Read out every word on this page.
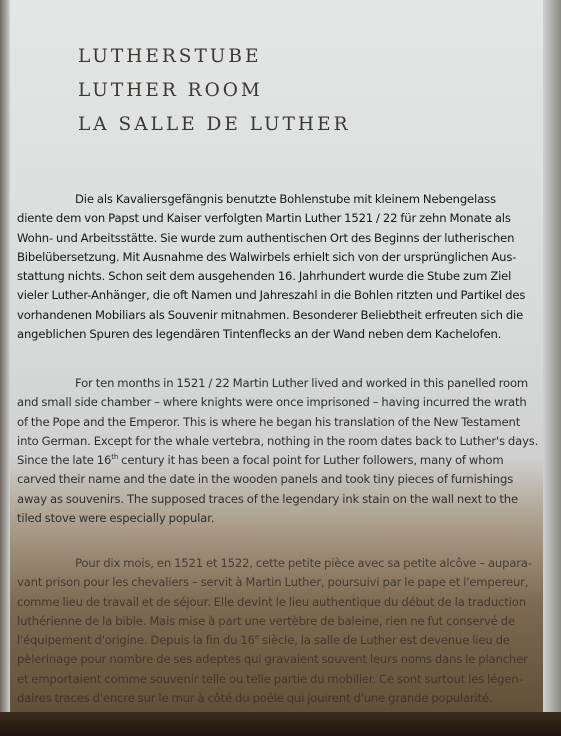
LUTHERSTUBE
LUTHER ROOM
LA SALLE DE LUTHER
Die als Kavaliersgefängnis benutzte Bohlenstube mit kleinem Nebengelass
diente dem von Papst und Kaiser verfolgten Martin Luther 1521 / 22 für zehn Monate als
Wohn- und Arbeitsstätte. Sie wurde zum authentischen Ort des Beginns der lutherischen
Bibelübersetzung. Mit Ausnahme des Walwirbels erhielt sich von der ursprünglichen Aus-
stattung nichts. Schon seit dem ausgehenden 16. Jahrhundert wurde die Stube zum Ziel
vieler Luther-Anhänger, die oft Namen und Jahreszahl in die Bohlen ritzten und Partikel des
vorhandenen Mobiliars als Souvenir mitnahmen. Besonderer Beliebtheit erfreuten sich die
angeblichen Spuren des legendären Tintenflecks an der Wand neben dem Kachelofen.
For ten months in 1521 / 22 Martin Luther lived and worked in this panelled room
and small side chamber – where knights were once imprisoned – having incurred the wrath
of the Pope and the Emperor. This is where he began his translation of the New Testament
into German. Except for the whale vertebra, nothing in the room dates back to Luther's days.
Since the late 16th century it has been a focal point for Luther followers, many of whom
carved their name and the date in the wooden panels and took tiny pieces of furnishings
away as souvenirs. The supposed traces of the legendary ink stain on the wall next to the
tiled stove were especially popular.
Pour dix mois, en 1521 et 1522, cette petite pièce avec sa petite alcôve – aupara-
vant prison pour les chevaliers – servit à Martin Luther, poursuivi par le pape et l'empereur,
comme lieu de travail et de séjour. Elle devint le lieu authentique du début de la traduction
luthérienne de la bible. Mais mise à part une vertèbre de baleine, rien ne fut conservé de
l'équipement d'origine. Depuis la fin du 16e siècle, la salle de Luther est devenue lieu de
pèlerinage pour nombre de ses adeptes qui gravaient souvent leurs noms dans le plancher
et emportaient comme souvenir telle ou telle partie du mobilier. Ce sont surtout les légen-
daires traces d'encre sur le mur à côté du poële qui jouirent d'une grande popularité.
